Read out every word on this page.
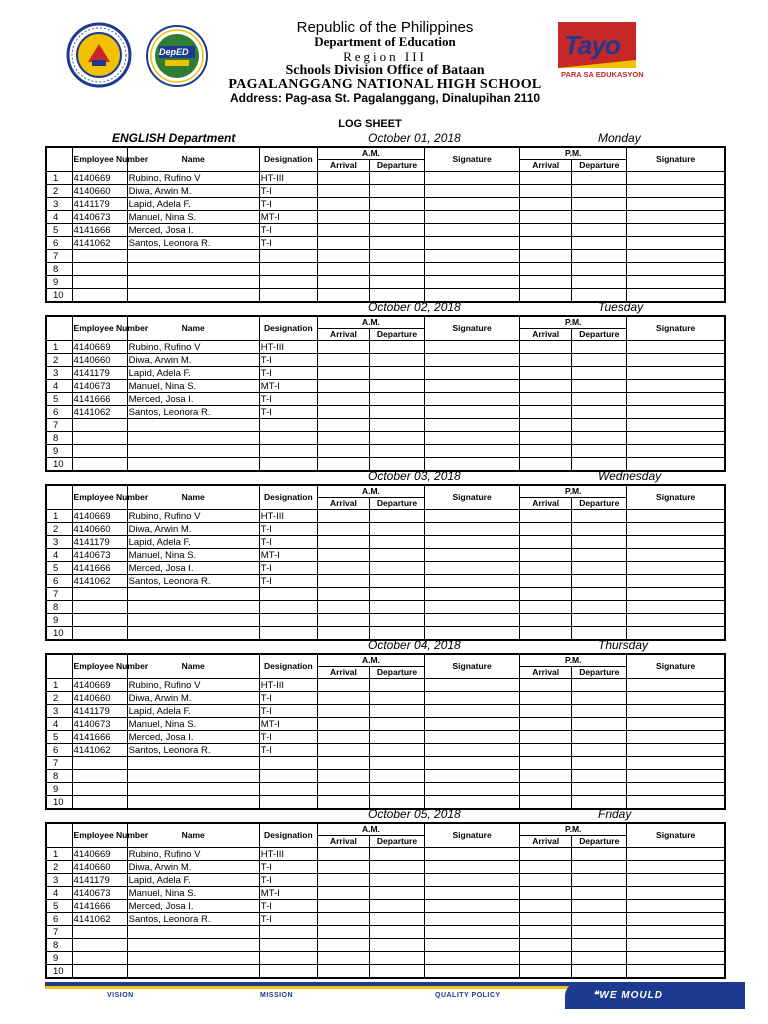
DepED	Tayo
PARA SA EDUKASYON
Republic of the Philippines
Department of Education
Region III
Schools Division Office of Bataan
PAGALANGGANG NATIONAL HIGH SCHOOL
Address: Pag-asa St. Pagalanggang, Dinalupihan 2110
LOG SHEET
ENGLISH Department	October 01, 2018	Monday
	Employee Number	Name	Designation	A.M.		Signature	P.M.		Signature
				Arrival	Departure		Arrival	Departure	
1	4140669	Rubino, Rufino V	HT-III						
2	4140660	Diwa, Arwin M.	T-I						
3	4141179	Lapid, Adela F.	T-I						
4	4140673	Manuel, Nina S.	MT-I						
5	4141666	Merced, Josa I.	T-I						
6	4141062	Santos, Leonora R.	T-I						
7									
8									
9									
10									
October 02, 2018	Tuesday
	Employee Number	Name	Designation	A.M.		Signature	P.M.		Signature
				Arrival	Departure		Arrival	Departure	
1	4140669	Rubino, Rufino V	HT-III						
2	4140660	Diwa, Arwin M.	T-I						
3	4141179	Lapid, Adela F.	T-I						
4	4140673	Manuel, Nina S.	MT-I						
5	4141666	Merced, Josa I.	T-I						
6	4141062	Santos, Leonora R.	T-I						
7									
8									
9									
10									
October 03, 2018	Wednesday
	Employee Number	Name	Designation	A.M.		Signature	P.M.		Signature
				Arrival	Departure		Arrival	Departure	
1	4140669	Rubino, Rufino V	HT-III						
2	4140660	Diwa, Arwin M.	T-I						
3	4141179	Lapid, Adela F.	T-I						
4	4140673	Manuel, Nina S.	MT-I						
5	4141666	Merced, Josa I.	T-I						
6	4141062	Santos, Leonora R.	T-I						
7									
8									
9									
10									
October 04, 2018	Thursday
	Employee Number	Name	Designation	A.M.		Signature	P.M.		Signature
				Arrival	Departure		Arrival	Departure	
1	4140669	Rubino, Rufino V	HT-III						
2	4140660	Diwa, Arwin M.	T-I						
3	4141179	Lapid, Adela F.	T-I						
4	4140673	Manuel, Nina S.	MT-I						
5	4141666	Merced, Josa I.	T-I						
6	4141062	Santos, Leonora R.	T-I						
7									
8									
9									
10									
October 05, 2018	Friday
	Employee Number	Name	Designation	A.M.		Signature	P.M.		Signature
				Arrival	Departure		Arrival	Departure	
1	4140669	Rubino, Rufino V	HT-III						
2	4140660	Diwa, Arwin M.	T-I						
3	4141179	Lapid, Adela F.	T-I						
4	4140673	Manuel, Nina S.	MT-I						
5	4141666	Merced, Josa I.	T-I						
6	4141062	Santos, Leonora R.	T-I						
7									
8									
9									
10									
VISION	MISSION	QUALITY POLICY	❝WE MOULD
